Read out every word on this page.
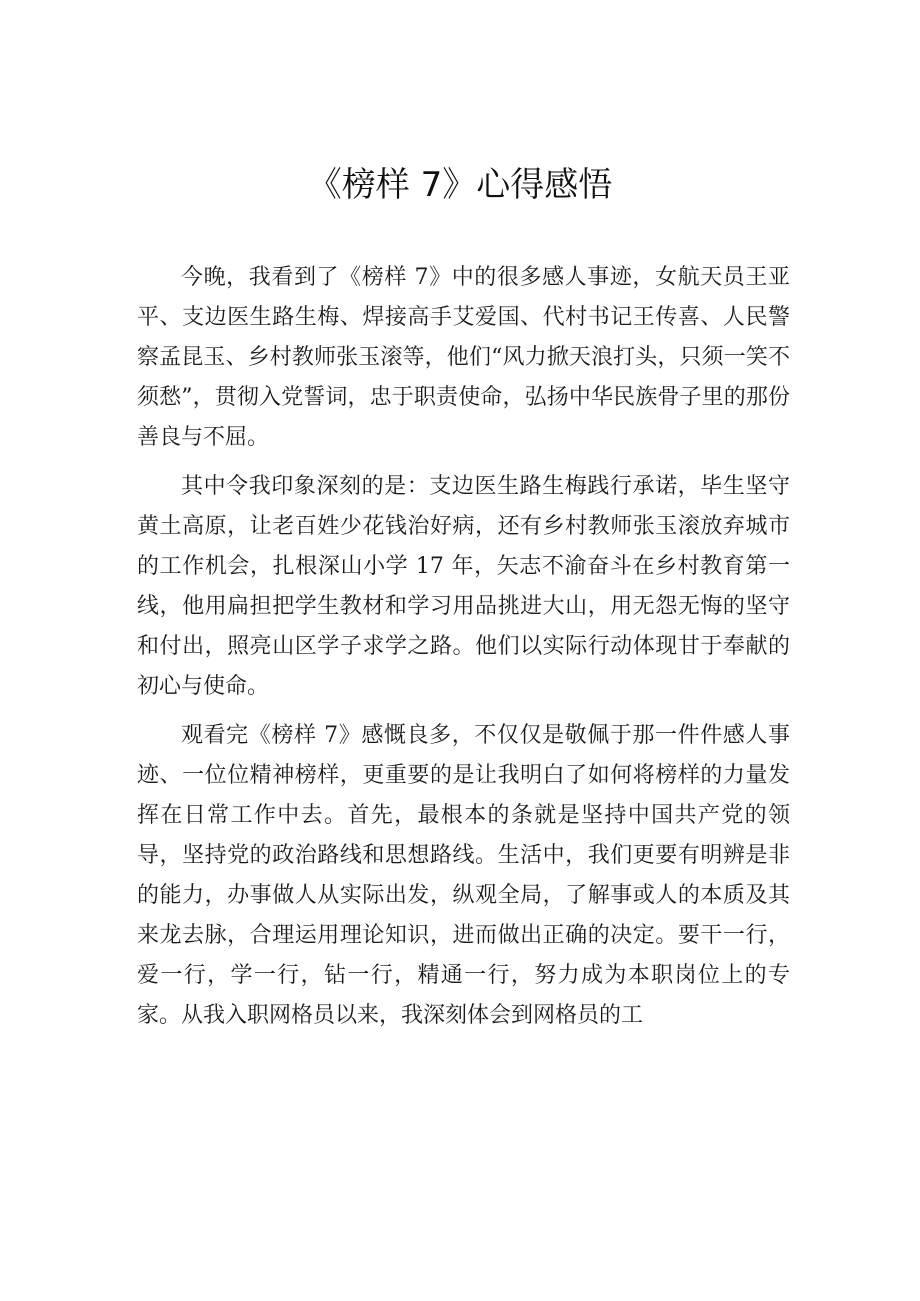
《榜样 7》心得感悟

今晚，我看到了《榜样 7》中的很多感人事迹，女航天员王亚平、支边医生路生梅、焊接高手艾爱国、代村书记王传喜、人民警察孟昆玉、乡村教师张玉滚等，他们“风力掀天浪打头，只须一笑不须愁”，贯彻入党誓词，忠于职责使命，弘扬中华民族骨子里的那份善良与不屈。

其中令我印象深刻的是：支边医生路生梅践行承诺，毕生坚守黄土高原，让老百姓少花钱治好病，还有乡村教师张玉滚放弃城市的工作机会，扎根深山小学 17 年，矢志不渝奋斗在乡村教育第一线，他用扁担把学生教材和学习用品挑进大山，用无怨无悔的坚守和付出，照亮山区学子求学之路。他们以实际行动体现甘于奉献的初心与使命。

观看完《榜样 7》感慨良多，不仅仅是敬佩于那一件件感人事迹、一位位精神榜样，更重要的是让我明白了如何将榜样的力量发挥在日常工作中去。首先，最根本的条就是坚持中国共产党的领导，坚持党的政治路线和思想路线。生活中，我们更要有明辨是非的能力，办事做人从实际出发，纵观全局，了解事或人的本质及其来龙去脉，合理运用理论知识，进而做出正确的决定。要干一行，爱一行，学一行，钻一行，精通一行，努力成为本职岗位上的专家。从我入职网格员以来，我深刻体会到网格员的工
